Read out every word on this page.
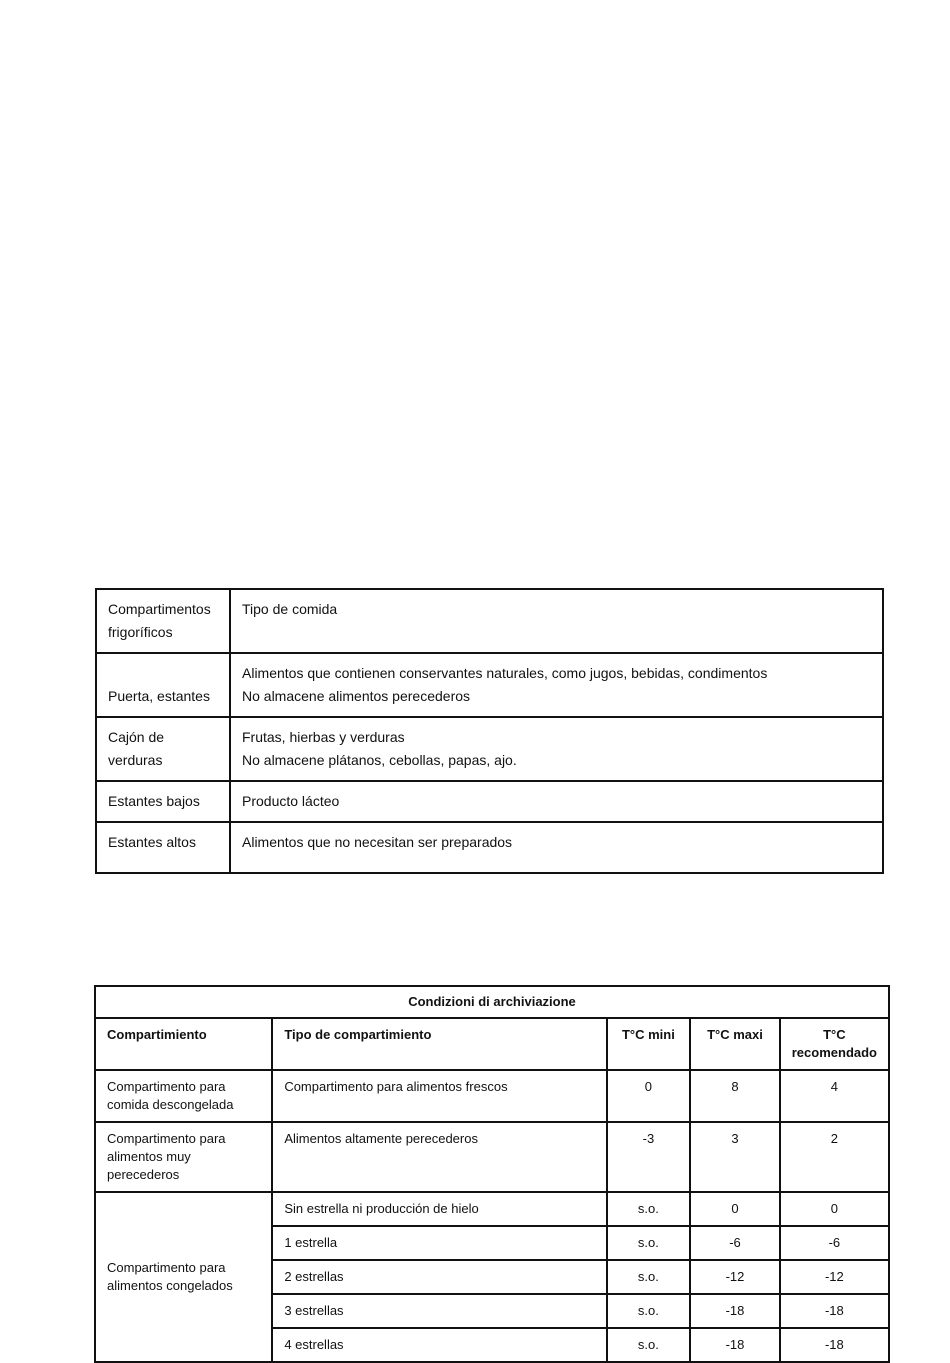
Compartimentos frigoríficos	Tipo de comida
Puerta, estantes	Alimentos que contienen conservantes naturales, como jugos, bebidas, condimentos
No almacene alimentos perecederos

Cajón de verduras	Frutas, hierbas y verduras
No almacene plátanos, cebollas, papas, ajo.

Estantes bajos	Producto lácteo

Estantes altos	Alimentos que no necesitan ser preparados
Condizioni di archiviazione				
Compartimiento	Tipo de compartimiento	T°C mini	T°C maxi	T°C recomendado
Compartimento para comida descongelada	Compartimento para alimentos frescos	0	8	4
Compartimento para alimentos muy perecederos	Alimentos altamente perecederos	-3	3	2
Compartimento para alimentos congelados	Sin estrella ni producción de hielo	s.o.	0	0
	1 estrella	s.o.	-6	-6
	2 estrellas	s.o.	-12	-12
	3 estrellas	s.o.	-18	-18
	4 estrellas	s.o.	-18	-18
